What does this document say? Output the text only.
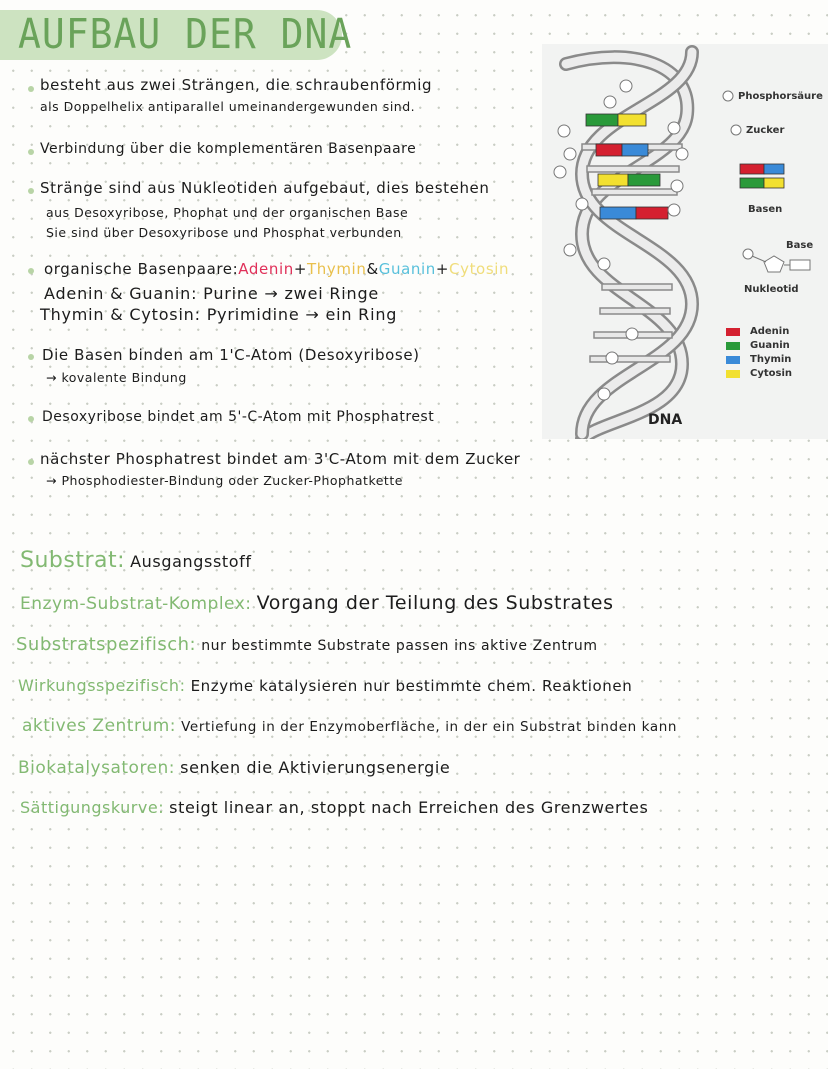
AUFBAU DER DNA
besteht aus zwei Strängen, die schraubenförmig
als Doppelhelix antiparallel umeinandergewunden sind.
Verbindung über die komplementären Basenpaare
Stränge sind aus Nukleotiden aufgebaut, dies bestehen
aus Desoxyribose, Phophat und der organischen Base
Sie sind über Desoxyribose und Phosphat verbunden
organische Basenpaare:Adenin+Thymin&Guanin+Cytosin
Adenin & Guanin: Purine → zwei Ringe
Thymin & Cytosin: Pyrimidine → ein Ring
Die Basen binden am 1'C-Atom (Desoxyribose)
→ kovalente Bindung
Desoxyribose bindet am 5'-C-Atom mit Phosphatrest
nächster Phosphatrest bindet am 3'C-Atom mit dem Zucker
→ Phosphodiester-Bindung oder Zucker-Phophatkette
Phosphorsäure
Zucker
Basen
Base
Nukleotid
Adenin
Guanin
Thymin
Cytosin
DNA
Substrat: Ausgangsstoff
Enzym-Substrat-Komplex: Vorgang der Teilung des Substrates
Substratspezifisch: nur bestimmte Substrate passen ins aktive Zentrum
Wirkungsspezifisch: Enzyme katalysieren nur bestimmte chem. Reaktionen
aktives Zentrum: Vertiefung in der Enzymoberfläche, in der ein Substrat binden kann
Biokatalysatoren: senken die Aktivierungsenergie
Sättigungskurve: steigt linear an, stoppt nach Erreichen des Grenzwertes
